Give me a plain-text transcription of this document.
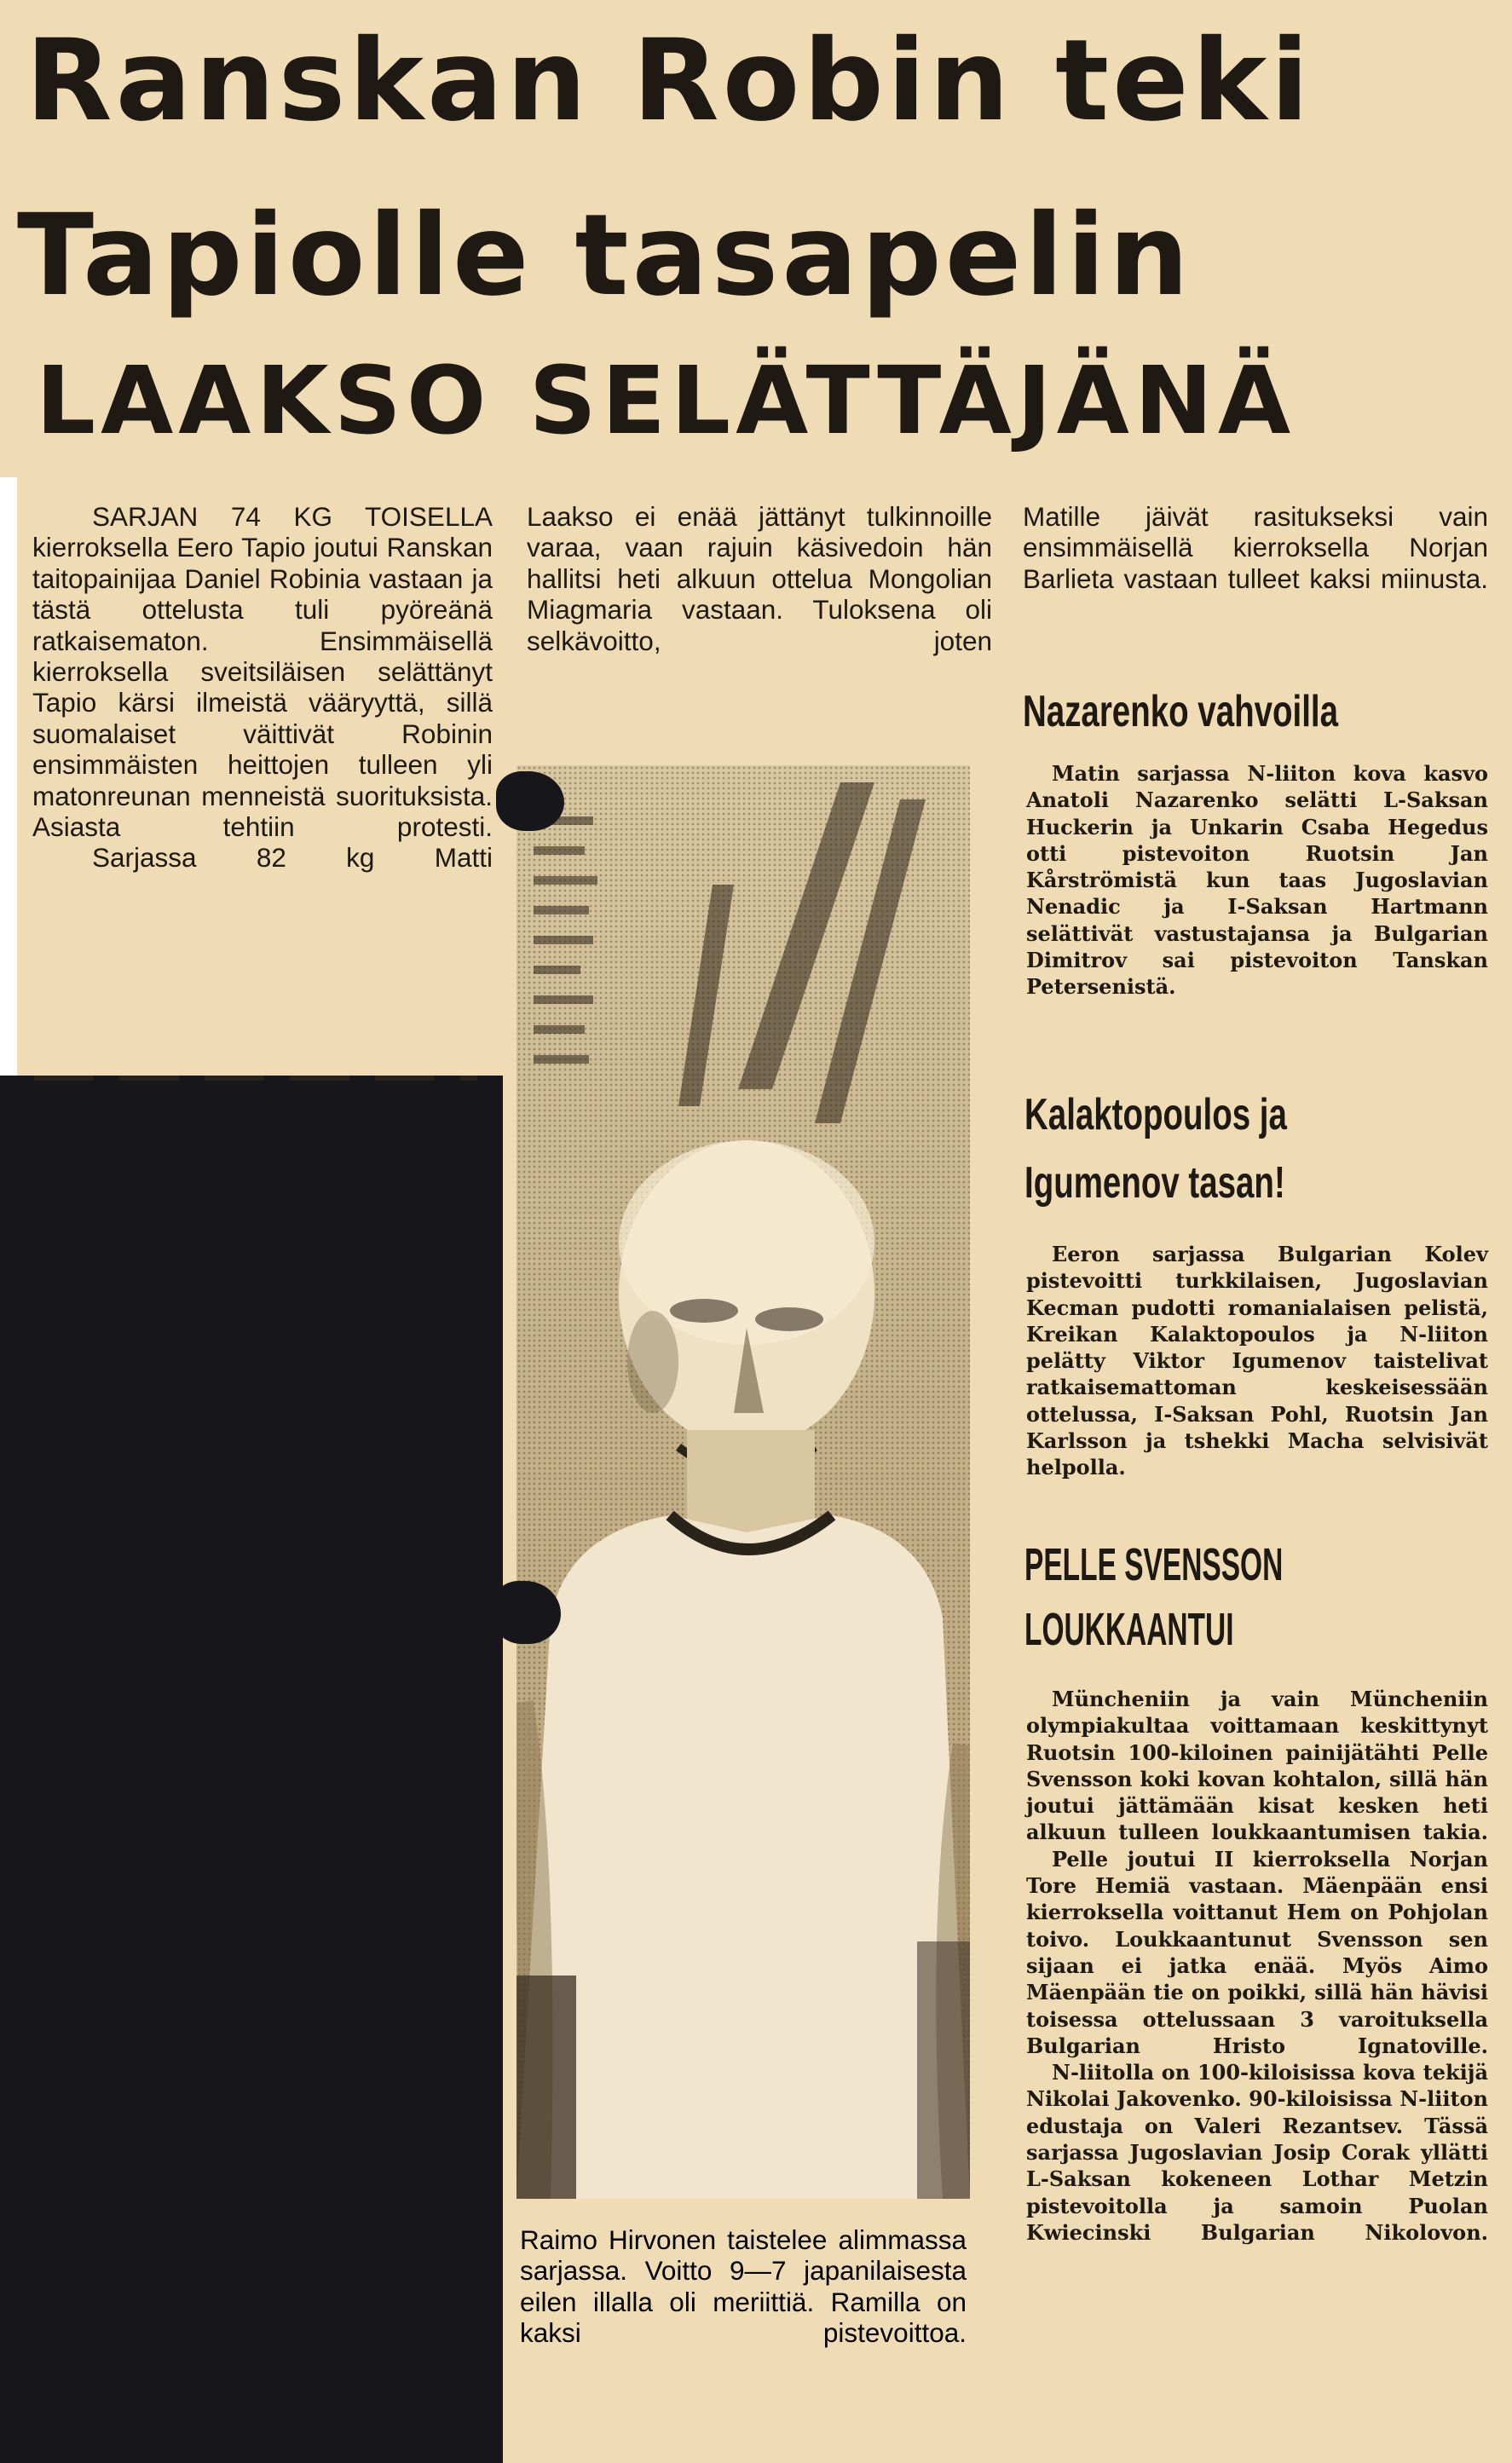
Ranskan Robin teki
Tapiolle tasapelin
LAAKSO SELÄTTÄJÄNÄ

SARJAN 74 KG TOISELLA kierroksella Eero Tapio joutui Ranskan taitopainijaa Daniel Robinia vastaan ja tästä ottelusta tuli pyöreänä ratkaisematon. Ensimmäisellä kierroksella sveitsiläisen selättänyt Tapio kärsi ilmeistä vääryyttä, sillä suomalaiset väittivät Robinin ensimmäisten heittojen tulleen yli matonreunan menneistä suorituksista. Asiasta tehtiin protesti.

Sarjassa 82 kg Matti

Laakso ei enää jättänyt tulkinnoille varaa, vaan rajuin käsivedoin hän hallitsi heti alkuun ottelua Mongolian Miagmaria vastaan. Tuloksena oli selkävoitto, joten

Matille jäivät rasitukseksi vain ensimmäisellä kierroksella Norjan Barlieta vastaan tulleet kaksi miinusta.

Raimo Hirvonen taistelee alimmassa sarjassa. Voitto 9—7 japanilaisesta eilen illalla oli meriittiä. Ramilla on kaksi pistevoittoa.
Nazarenko vahvoilla

Matin sarjassa N-liiton kova kasvo Anatoli Nazarenko selätti L-Saksan Huckerin ja Unkarin Csaba Hegedus otti pistevoiton Ruotsin Jan Kårströmistä kun taas Jugoslavian Nenadic ja I-Saksan Hartmann selättivät vastustajansa ja Bulgarian Dimitrov sai pistevoiton Tanskan Petersenistä.

Kalaktopoulos ja
Igumenov tasan!

Eeron sarjassa Bulgarian Kolev pistevoitti turkkilaisen, Jugoslavian Kecman pudotti romanialaisen pelistä, Kreikan Kalaktopoulos ja N-liiton pelätty Viktor Igumenov taistelivat ratkaisemattoman keskeisessään ottelussa, I-Saksan Pohl, Ruotsin Jan Karlsson ja tshekki Macha selvisivät helpolla.

PELLE SVENSSON
LOUKKAANTUI

Müncheniin ja vain Müncheniin olympiakultaa voittamaan keskittynyt Ruotsin 100-kiloinen painijätähti Pelle Svensson koki kovan kohtalon, sillä hän joutui jättämään kisat kesken heti alkuun tulleen loukkaantumisen takia.

Pelle joutui II kierroksella Norjan Tore Hemiä vastaan. Mäenpään ensi kierroksella voittanut Hem on Pohjolan toivo. Loukkaantunut Svensson sen sijaan ei jatka enää. Myös Aimo Mäenpään tie on poikki, sillä hän hävisi toisessa ottelussaan 3 varoituksella Bulgarian Hristo Ignatoville.

N-liitolla on 100-kiloisissa kova tekijä Nikolai Jakovenko. 90-kiloisissa N-liiton edustaja on Valeri Rezantsev. Tässä sarjassa Jugoslavian Josip Corak yllätti L-Saksan kokeneen Lothar Metzin pistevoitolla ja samoin Puolan Kwiecinski Bulgarian Nikolovon.
